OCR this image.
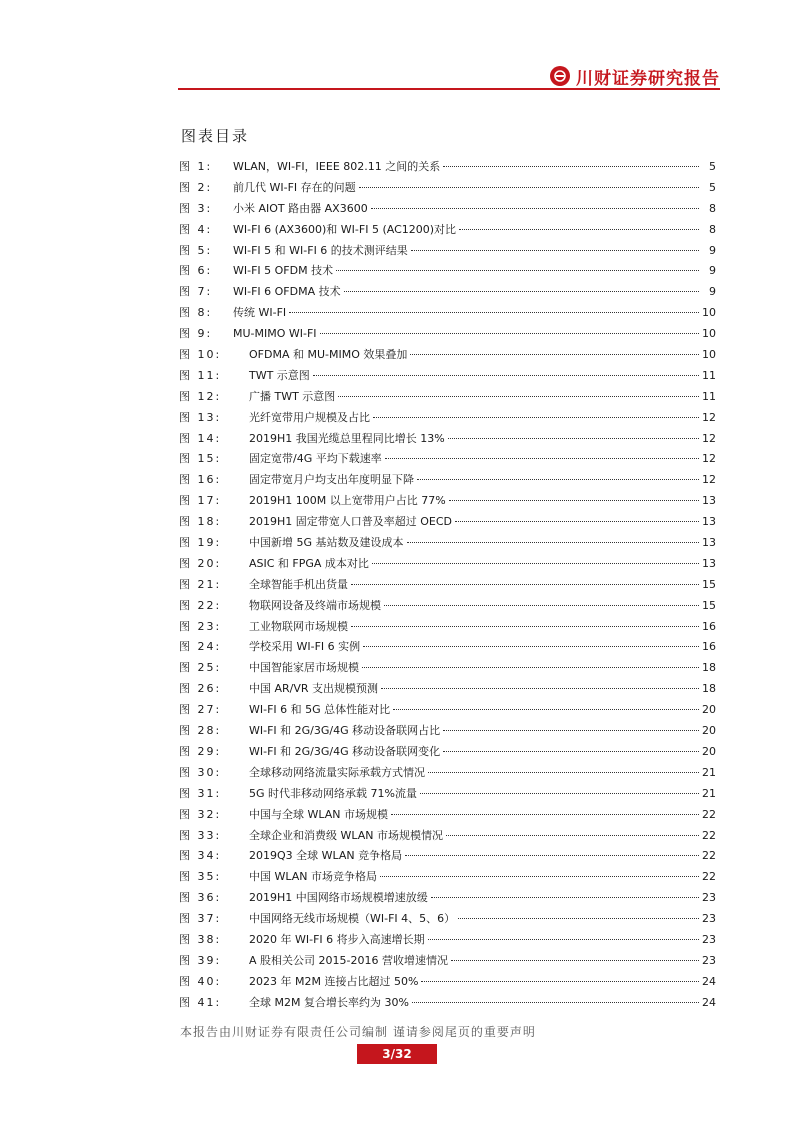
川财证券研究报告
图表目录
图 1:	WLAN，WI-FI，IEEE 802.11 之间的关系	5
图 2:	前几代 WI-FI 存在的问题	5
图 3:	小米 AIOT 路由器 AX3600	8
图 4:	WI-FI 6 (AX3600)和 WI-FI 5 (AC1200)对比	8
图 5:	WI-FI 5 和 WI-FI 6 的技术测评结果	9
图 6:	WI-FI 5 OFDM 技术	9
图 7:	WI-FI 6 OFDMA 技术	9
图 8:	传统 WI-FI	10
图 9:	MU-MIMO WI-FI	10
图 10:	OFDMA 和 MU-MIMO 效果叠加	10
图 11:	TWT 示意图	11
图 12:	广播 TWT 示意图	11
图 13:	光纤宽带用户规模及占比	12
图 14:	2019H1 我国光缆总里程同比增长 13%	12
图 15:	固定宽带/4G 平均下载速率	12
图 16:	固定带宽月户均支出年度明显下降	12
图 17:	2019H1 100M 以上宽带用户占比 77%	13
图 18:	2019H1 固定带宽人口普及率超过 OECD	13
图 19:	中国新增 5G 基站数及建设成本	13
图 20:	ASIC 和 FPGA 成本对比	13
图 21:	全球智能手机出货量	15
图 22:	物联网设备及终端市场规模	15
图 23:	工业物联网市场规模	16
图 24:	学校采用 WI-FI 6 实例	16
图 25:	中国智能家居市场规模	18
图 26:	中国 AR/VR 支出规模预测	18
图 27:	WI-FI 6 和 5G 总体性能对比	20
图 28:	WI-FI 和 2G/3G/4G 移动设备联网占比	20
图 29:	WI-FI 和 2G/3G/4G 移动设备联网变化	20
图 30:	全球移动网络流量实际承载方式情况	21
图 31:	5G 时代非移动网络承载 71%流量	21
图 32:	中国与全球 WLAN 市场规模	22
图 33:	全球企业和消费级 WLAN 市场规模情况	22
图 34:	2019Q3 全球 WLAN 竞争格局	22
图 35:	中国 WLAN 市场竞争格局	22
图 36:	2019H1 中国网络市场规模增速放缓	23
图 37:	中国网络无线市场规模（WI-FI 4、5、6）	23
图 38:	2020 年 WI-FI 6 将步入高速增长期	23
图 39:	A 股相关公司 2015-2016 营收增速情况	23
图 40:	2023 年 M2M 连接占比超过 50%	24
图 41:	全球 M2M 复合增长率约为 30%	24
本报告由川财证券有限责任公司编制 谨请参阅尾页的重要声明
3/32
